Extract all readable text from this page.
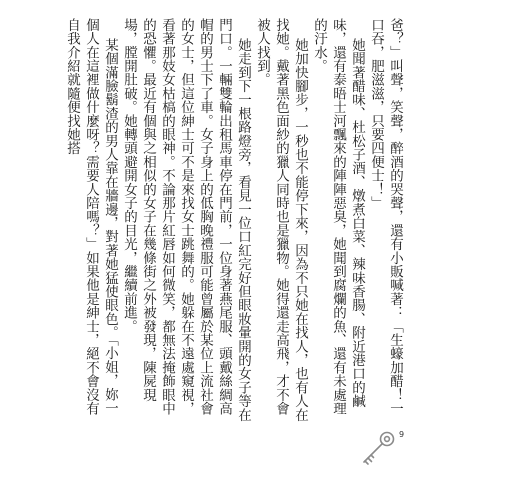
爸？」叫聲，笑聲，醉酒的哭聲，還有小販喊著：「生蠔加醋！一口吞，肥滋滋，只要四便士！」

她聞著醋味、杜松子酒、燉煮白菜、辣味香腸、附近港口的鹹味，還有泰晤士河飄來的陣陣惡臭，她聞到腐爛的魚、還有未處理的汙水。

她加快腳步，一秒也不能停下來，因為不只她在找人，也有人在找她。戴著黑色面紗的獵人同時也是獵物。她得還走高飛，才不會被人找到。

她走到下一根路燈旁，看見一位口紅完好但眼妝暈開的女子等在門口。一輛雙輪出租馬車停在門前，一位身著燕尾服、頭戴絲綢高帽的男士下了車。女子身上的低胸晚禮服可能曾屬於某位上流社會的女士，但這位紳士可不是來找女士跳舞的。她躲在不遠處窺視，看著那妓女枯槁的眼神。不論那片紅唇如何微笑，都無法掩飾眼中的恐懼。最近有個與之相似的女子在幾條街之外被發現，陳屍現場，膛開肚破。她轉頭避開女子的目光，繼續前進。

某個滿臉鬍渣的男人靠在牆邊，對著她猛使眼色。「小姐，妳一個人在這裡做什麼呀？需要人陪嗎？」如果他是紳士，絕不會沒有自我介紹就隨便找她搭

9
